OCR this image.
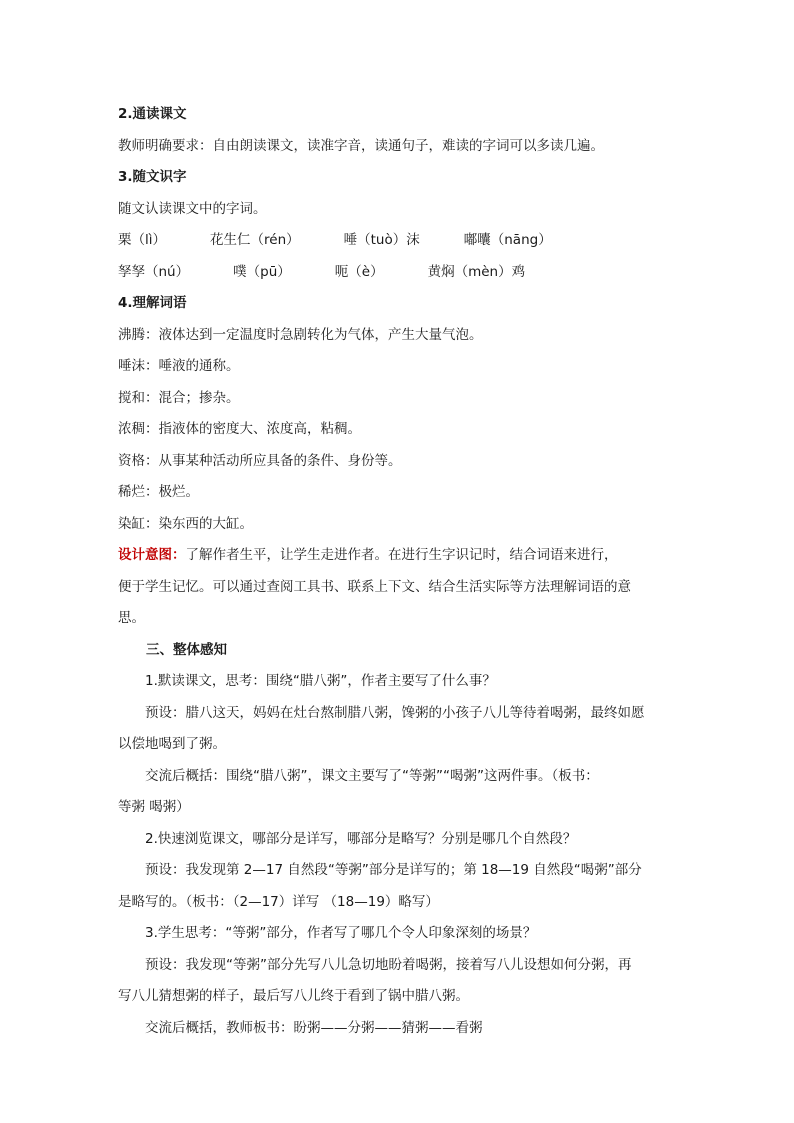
2.通读课文
教师明确要求：自由朗读课文，读准字音，读通句子，难读的字词可以多读几遍。
3.随文识字
随文认读课文中的字词。
栗（lì）	花生仁（rén）	唾（tuò）沫	嘟囔（nāng）
孥孥（nú）	噗（pū）	呃（è）	黄焖（mèn）鸡
4.理解词语
沸腾：液体达到一定温度时急剧转化为气体，产生大量气泡。
唾沫：唾液的通称。
搅和：混合；掺杂。
浓稠：指液体的密度大、浓度高，粘稠。
资格：从事某种活动所应具备的条件、身份等。
稀烂：极烂。
染缸：染东西的大缸。
设计意图：了解作者生平，让学生走进作者。在进行生字识记时，结合词语来进行，
便于学生记忆。可以通过查阅工具书、联系上下文、结合生活实际等方法理解词语的意
思。
三、整体感知
1.默读课文，思考：围绕“腊八粥”，作者主要写了什么事？
预设：腊八这天，妈妈在灶台熬制腊八粥，馋粥的小孩子八儿等待着喝粥，最终如愿
以偿地喝到了粥。
交流后概括：围绕“腊八粥”，课文主要写了“等粥”“喝粥”这两件事。（板书：
等粥 喝粥）
2.快速浏览课文，哪部分是详写，哪部分是略写？分别是哪几个自然段？
预设：我发现第 2—17 自然段“等粥”部分是详写的；第 18—19 自然段“喝粥”部分
是略写的。（板书：（2—17）详写 （18—19）略写）
3.学生思考：“等粥”部分，作者写了哪几个令人印象深刻的场景？
预设：我发现“等粥”部分先写八儿急切地盼着喝粥，接着写八儿设想如何分粥，再
写八儿猜想粥的样子，最后写八儿终于看到了锅中腊八粥。
交流后概括，教师板书：盼粥——分粥——猜粥——看粥
